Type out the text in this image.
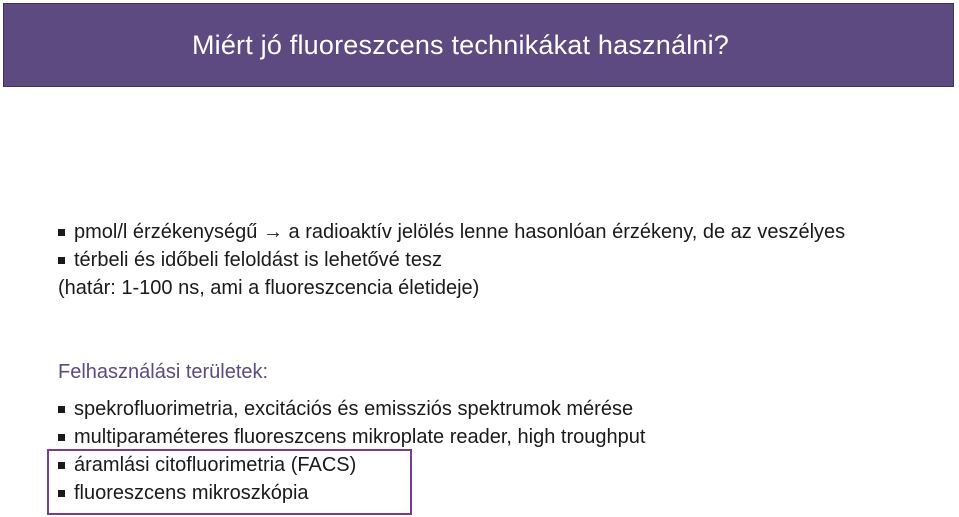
Miért jó fluoreszcens technikákat használni?
pmol/l érzékenységű → a radioaktív jelölés lenne hasonlóan érzékeny, de az veszélyes
térbeli és időbeli feloldást is lehetővé tesz
(határ: 1-100 ns, ami a fluoreszcencia életideje)
Felhasználási területek:
spekrofluorimetria, excitációs és emissziós spektrumok mérése
multiparaméteres fluoreszcens mikroplate reader, high troughput
áramlási citofluorimetria (FACS)
fluoreszcens mikroszkópia
